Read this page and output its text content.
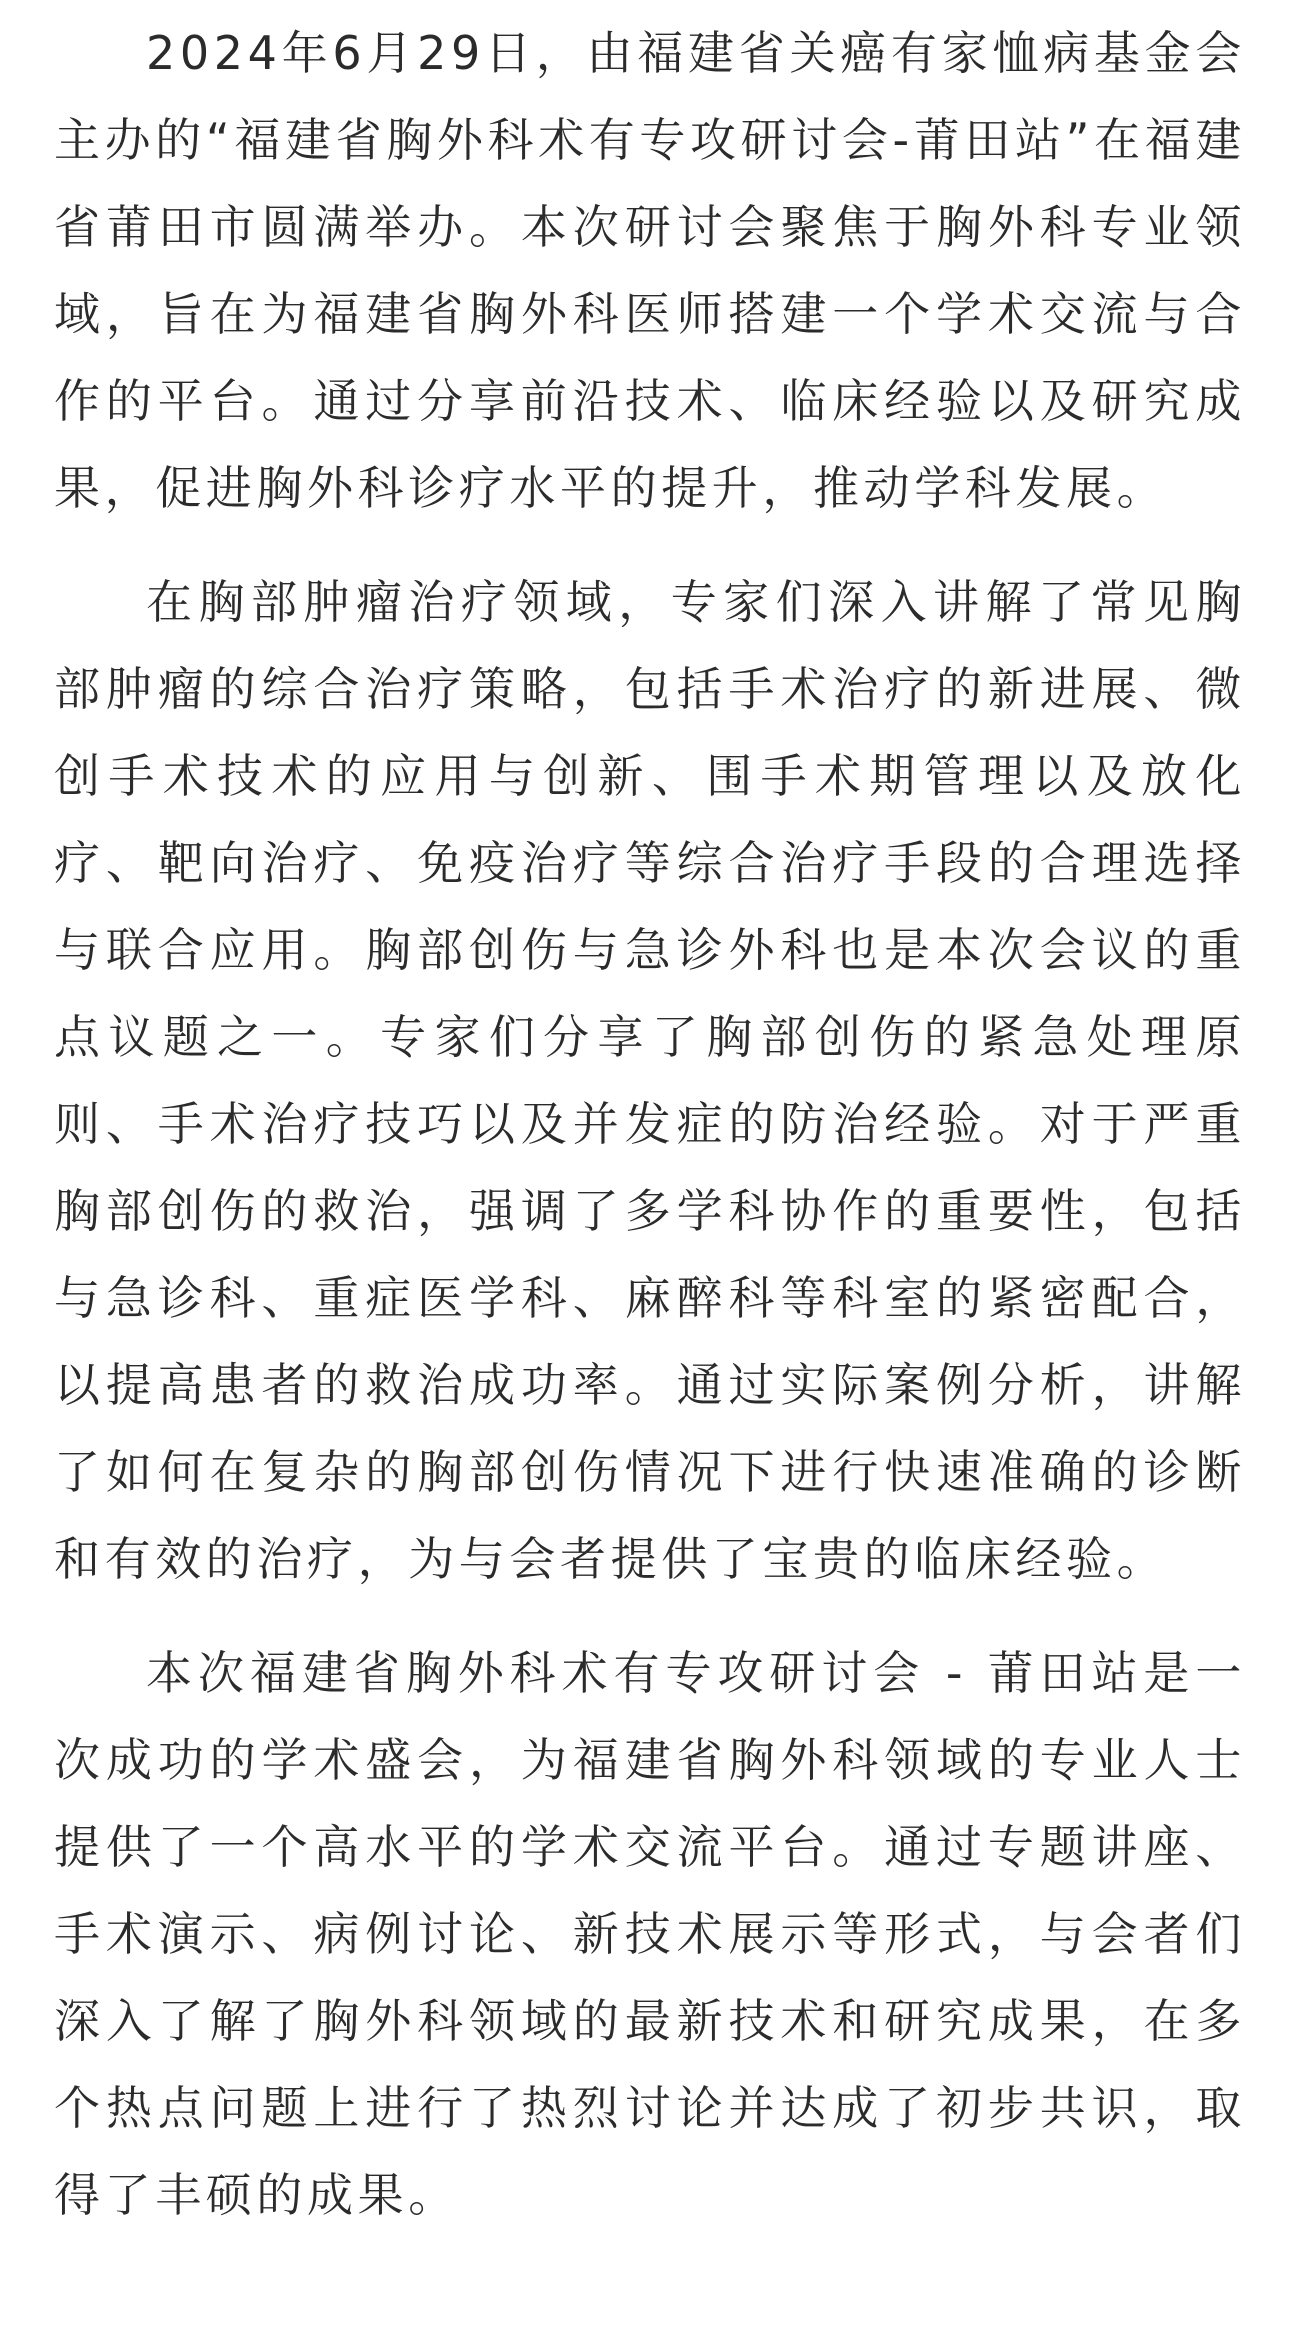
2024年6月29日，由福建省关癌有家恤病基金会主办的“福建省胸外科术有专攻研讨会-莆田站”在福建省莆田市圆满举办。本次研讨会聚焦于胸外科专业领域，旨在为福建省胸外科医师搭建一个学术交流与合作的平台。通过分享前沿技术、临床经验以及研究成果，促进胸外科诊疗水平的提升，推动学科发展。

在胸部肿瘤治疗领域，专家们深入讲解了常见胸部肿瘤的综合治疗策略，包括手术治疗的新进展、微创手术技术的应用与创新、围手术期管理以及放化疗、靶向治疗、免疫治疗等综合治疗手段的合理选择与联合应用。胸部创伤与急诊外科也是本次会议的重点议题之一。专家们分享了胸部创伤的紧急处理原则、手术治疗技巧以及并发症的防治经验。对于严重胸部创伤的救治，强调了多学科协作的重要性，包括与急诊科、重症医学科、麻醉科等科室的紧密配合，以提高患者的救治成功率。通过实际案例分析，讲解了如何在复杂的胸部创伤情况下进行快速准确的诊断和有效的治疗，为与会者提供了宝贵的临床经验。

本次福建省胸外科术有专攻研讨会 - 莆田站是一次成功的学术盛会，为福建省胸外科领域的专业人士提供了一个高水平的学术交流平台。通过专题讲座、手术演示、病例讨论、新技术展示等形式，与会者们深入了解了胸外科领域的最新技术和研究成果，在多个热点问题上进行了热烈讨论并达成了初步共识，取得了丰硕的成果。
